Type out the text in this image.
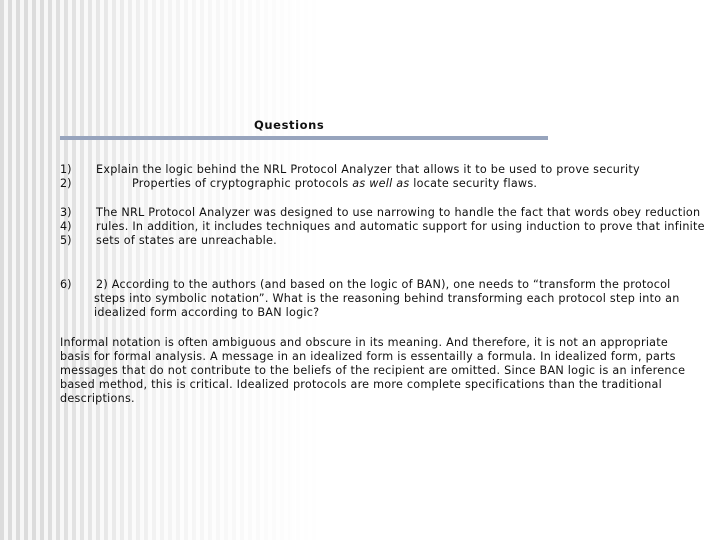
Questions
1)
2)
Explain the logic behind the NRL Protocol Analyzer that allows it to be used to prove security
Properties of cryptographic protocols as well as locate security flaws.
3)
4)
5)
The NRL Protocol Analyzer was designed to use narrowing to handle the fact that words obey reduction
rules. In addition, it includes techniques and automatic support for using induction to prove that infinite
sets of states are unreachable.
6) 2) According to the authors (and based on the logic of BAN), one needs to “transform the protocol
steps into symbolic notation”. What is the reasoning behind transforming each protocol step into an
idealized form according to BAN logic?
Informal notation is often ambiguous and obscure in its meaning. And therefore, it is not an appropriate
basis for formal analysis. A message in an idealized form is essentailly a formula. In idealized form, parts
messages that do not contribute to the beliefs of the recipient are omitted. Since BAN logic is an inference
based method, this is critical. Idealized protocols are more complete specifications than the traditional
descriptions.
